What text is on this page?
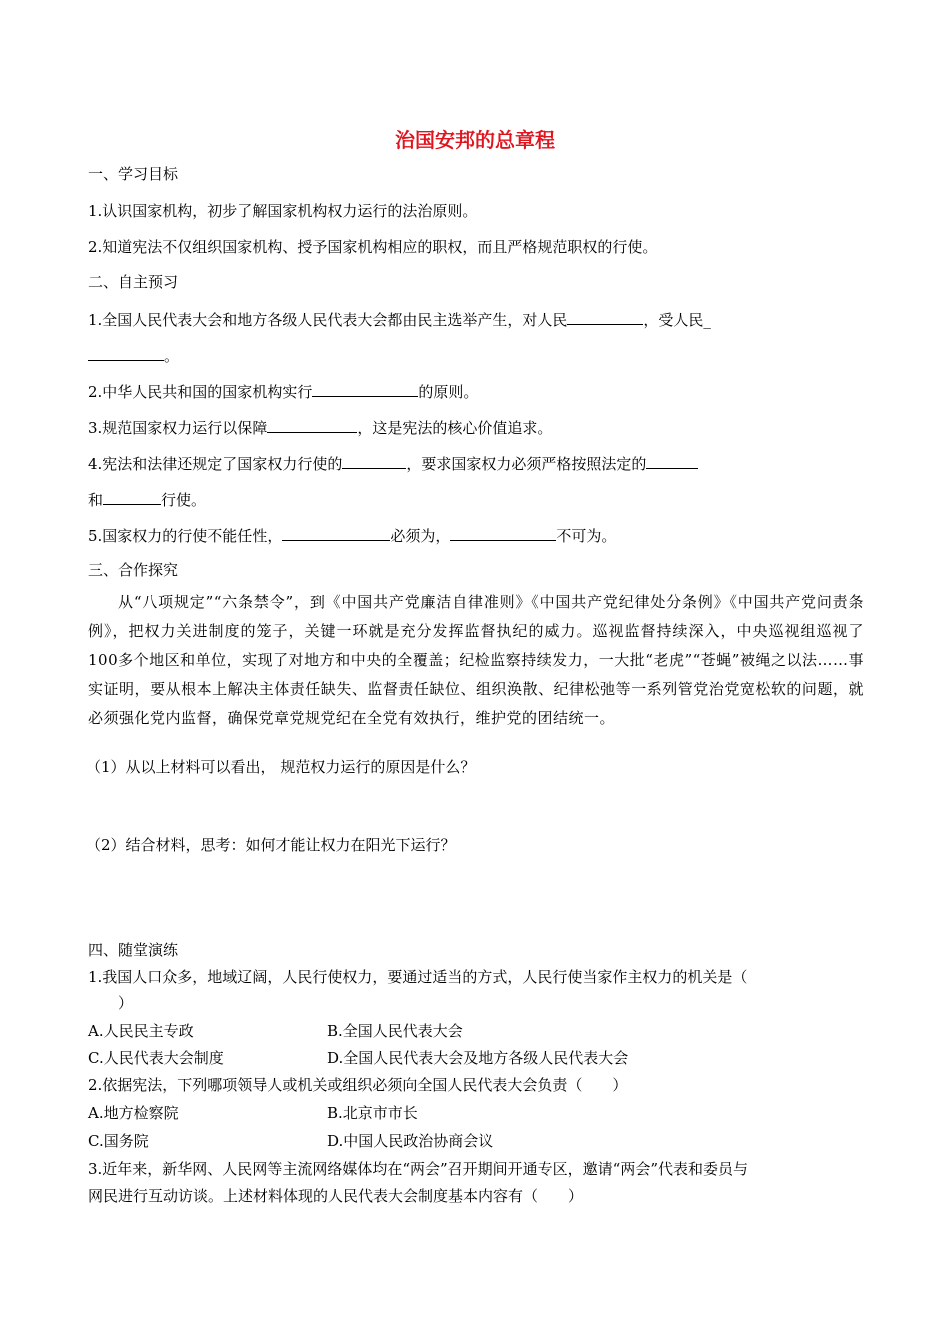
治国安邦的总章程
一、学习目标
1.认识国家机构，初步了解国家机构权力运行的法治原则。
2.知道宪法不仅组织国家机构、授予国家机构相应的职权，而且严格规范职权的行使。
二、自主预习
1.全国人民代表大会和地方各级人民代表大会都由民主选举产生，对人民	，受人民_
。
2.中华人民共和国的国家机构实行	的原则。
3.规范国家权力运行以保障	，这是宪法的核心价值追求。
4.宪法和法律还规定了国家权力行使的	，要求国家权力必须严格按照法定的
和	行使。
5.国家权力的行使不能任性，	必须为，	不可为。
三、合作探究
从“八项规定”“六条禁令”，到《中国共产党廉洁自律准则》《中国共产党纪律处分条例》《中国共产党问责条例》，把权力关进制度的笼子，关键一环就是充分发挥监督执纪的威力。巡视监督持续深入，中央巡视组巡视了100多个地区和单位，实现了对地方和中央的全覆盖；纪检监察持续发力，一大批“老虎”“苍蝇”被绳之以法……事实证明，要从根本上解决主体责任缺失、监督责任缺位、组织涣散、纪律松弛等一系列管党治党宽松软的问题，就必须强化党内监督，确保党章党规党纪在全党有效执行，维护党的团结统一。
（1）从以上材料可以看出， 规范权力运行的原因是什么？
（2）结合材料，思考：如何才能让权力在阳光下运行？
四、随堂演练
1.我国人口众多，地域辽阔，人民行使权力，要通过适当的方式，人民行使当家作主权力的机关是（
）
A.人民民主专政	B.全国人民代表大会
C.人民代表大会制度	D.全国人民代表大会及地方各级人民代表大会
2.依据宪法，下列哪项领导人或机关或组织必须向全国人民代表大会负责（　　）
A.地方检察院	B.北京市市长
C.国务院	D.中国人民政治协商会议
3.近年来，新华网、人民网等主流网络媒体均在“两会”召开期间开通专区，邀请“两会”代表和委员与
网民进行互动访谈。上述材料体现的人民代表大会制度基本内容有（　　）
